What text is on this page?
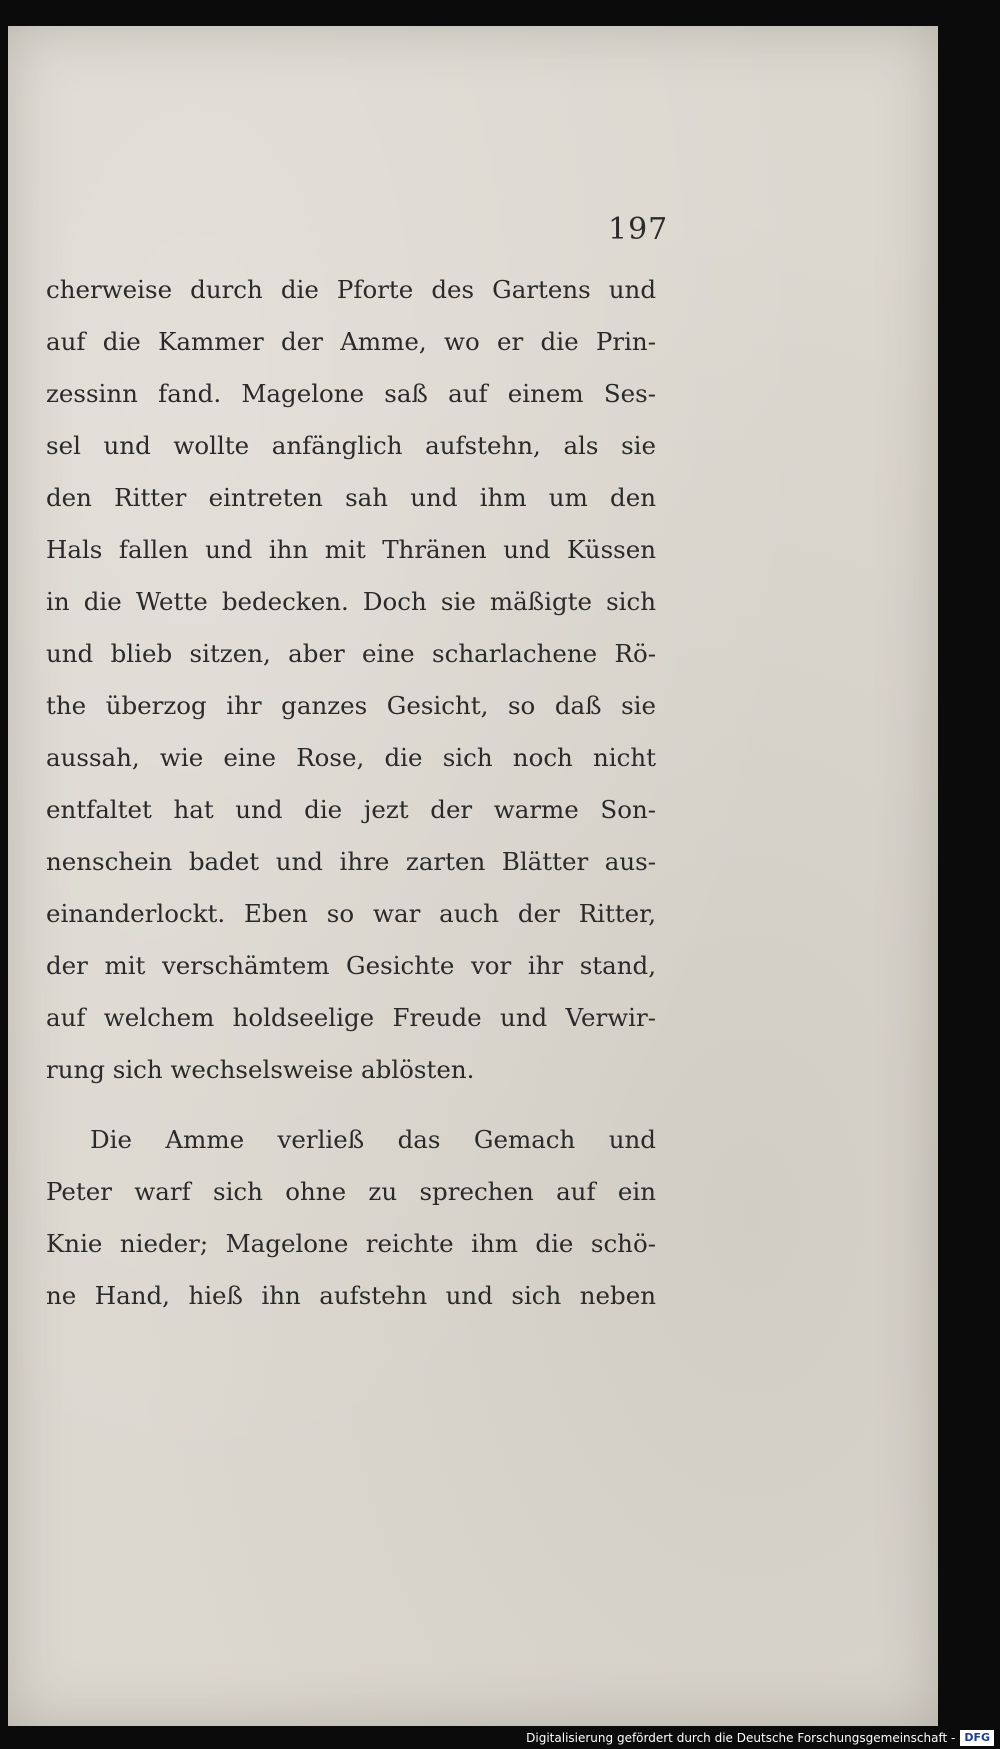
197
cherweise durch die Pforte des Gartens und
auf die Kammer der Amme, wo er die Prin-
zessinn fand. Magelone saß auf einem Ses-
sel und wollte anfänglich aufstehn, als sie
den Ritter eintreten sah und ihm um den
Hals fallen und ihn mit Thränen und Küssen
in die Wette bedecken. Doch sie mäßigte sich
und blieb sitzen, aber eine scharlachene Rö-
the überzog ihr ganzes Gesicht, so daß sie
aussah, wie eine Rose, die sich noch nicht
entfaltet hat und die jezt der warme Son-
nenschein badet und ihre zarten Blätter aus-
einanderlockt. Eben so war auch der Ritter,
der mit verschämtem Gesichte vor ihr stand,
auf welchem holdseelige Freude und Verwir-
rung sich wechselsweise ablösten.
Die Amme verließ das Gemach und
Peter warf sich ohne zu sprechen auf ein
Knie nieder; Magelone reichte ihm die schö-
ne Hand, hieß ihn aufstehn und sich neben
Digitalisierung gefördert durch die Deutsche Forschungsgemeinschaft - DFG
